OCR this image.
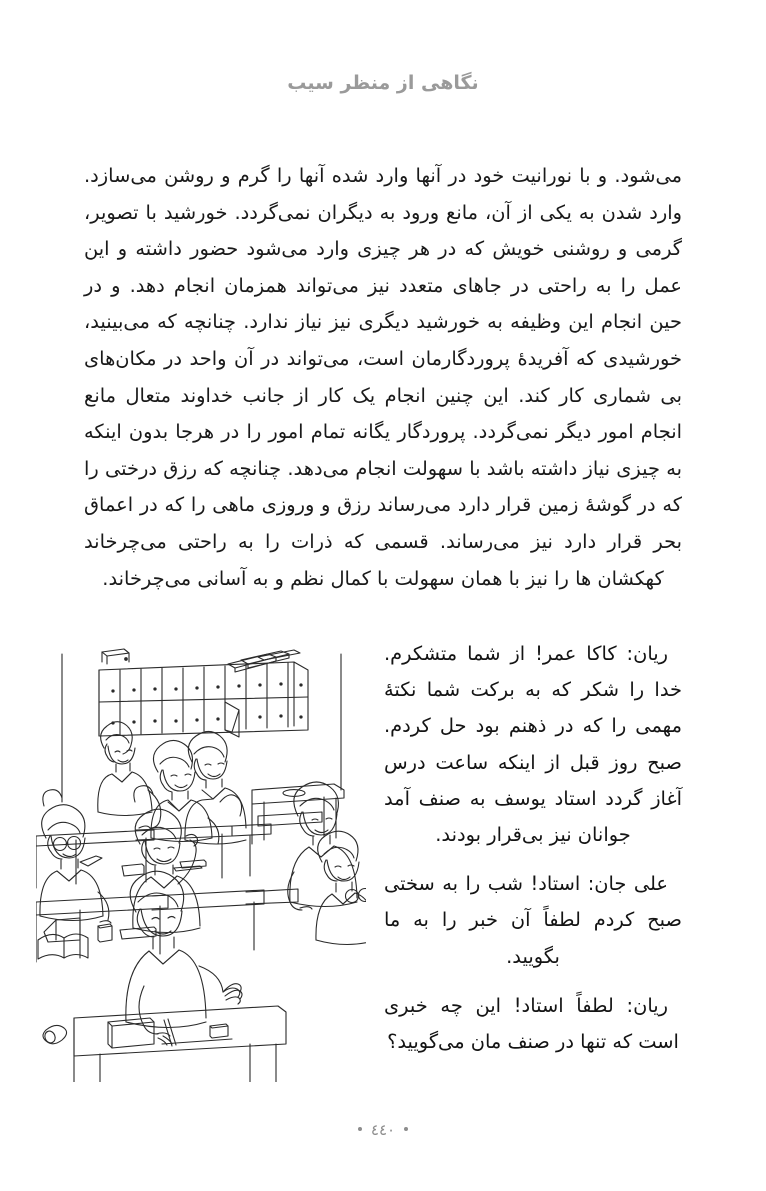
نگاهی از منظر سیب

می‌شود. و با نورانیت خود در آنها وارد شده آنها را گرم و روشن می‌سازد. وارد شدن به یکی از آن، مانع ورود به دیگران نمی‌گردد. خورشید با تصویر، گرمی و روشنی خویش که در هر چیزی وارد می‌شود حضور داشته و این عمل را به راحتی در جاهای متعدد نیز می‌تواند همزمان انجام دهد. و در حین انجام این وظیفه به خورشید دیگری نیز نیاز ندارد. چنانچه که می‌بینید، خورشیدی که آفریدهٔ پروردگارمان است، می‌تواند در آن واحد در مکان‌های بی شماری کار کند. این چنین انجام یک کار از جانب خداوند متعال مانع انجام امور دیگر نمی‌گردد. پروردگار یگانه تمام امور را در هرجا بدون اینکه به چیزی نیاز داشته باشد با سهولت انجام می‌دهد. چنانچه که رزق درختی را که در گوشهٔ زمین قرار دارد می‌رساند رزق و وروزی ماهی را که در اعماق بحر قرار دارد نیز می‌رساند. قسمی که ذرات را به راحتی می‌چرخاند کهکشان ها را نیز با همان سهولت با کمال نظم و به آسانی می‌چرخاند.

ریان: کاکا عمر! از شما متشکرم. خدا را شکر که به برکت شما نکتهٔ مهمی را که در ذهنم بود حل کردم. صبح روز قبل از اینکه ساعت درس آغاز گردد استاد یوسف به صنف آمد جوانان نیز بی‌قرار بودند.

علی جان: استاد! شب را به سختی صبح کردم لطفاً آن خبر را به ما بگویید.

ریان: لطفاً استاد! این چه خبری است که تنها در صنف مان می‌گویید؟

٤٤٠
